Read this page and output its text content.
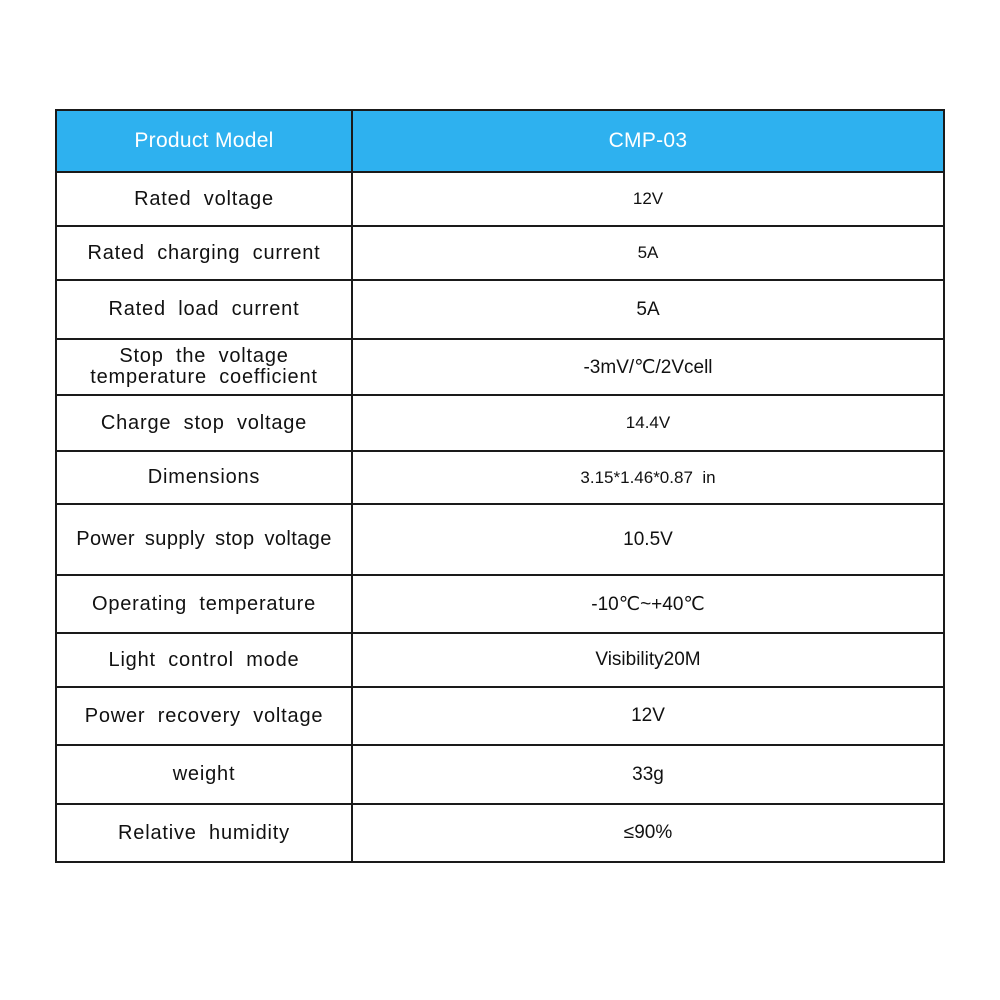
Product Model	CMP-03
Rated voltage	12V
Rated charging current	5A
Rated load current	5A
Stop the voltage temperature coefficient	-3mV/℃/2Vcell
Charge stop voltage	14.4V
Dimensions	3.15*1.46*0.87  in
Power supply stop voltage	10.5V
Operating temperature	-10℃~+40℃
Light control mode	Visibility20M
Power recovery voltage	12V
weight	33g
Relative humidity	≤90%
